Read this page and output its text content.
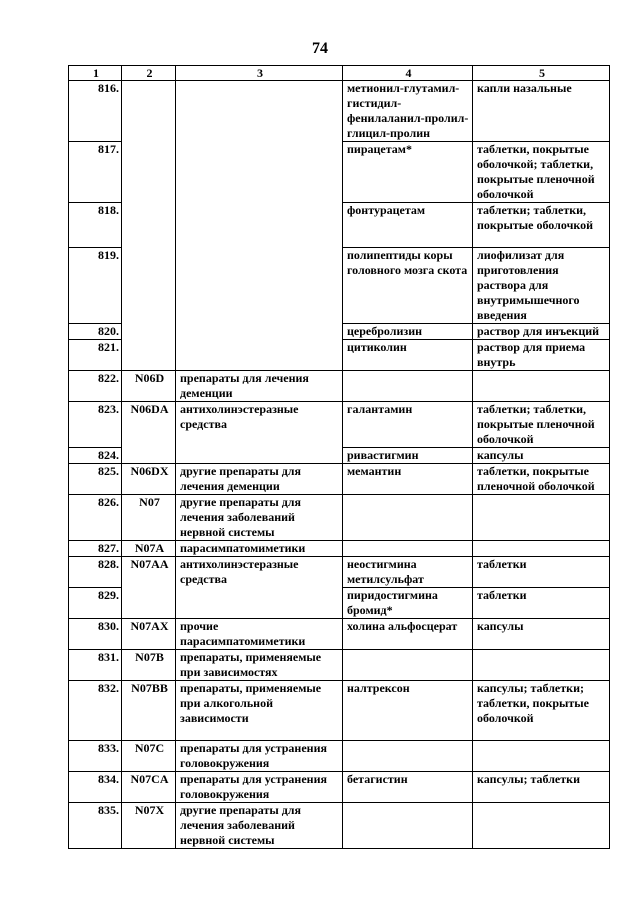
74
1	2	3	4	5
816.			метионил-глутамил-гистидил-фенилаланил-пролил-глицил-пролин	капли назальные
817.			пирацетам*	таблетки, покрытые оболочкой; таблетки, покрытые пленочной оболочкой
818.			фонтурацетам	таблетки; таблетки, покрытые оболочкой
819.			полипептиды коры головного мозга скота	лиофилизат для приготовления раствора для внутримышечного введения
820.			церебролизин	раствор для инъекций
821.			цитиколин	раствор для приема внутрь
822.	N06D	препараты для лечения деменции		
823.	N06DA	антихолинэстеразные средства	галантамин	таблетки; таблетки, покрытые пленочной оболочкой
824.			ривастигмин	капсулы
825.	N06DX	другие препараты для лечения деменции	мемантин	таблетки, покрытые пленочной оболочкой
826.	N07	другие препараты для лечения заболеваний нервной системы		
827.	N07A	парасимпатомиметики		
828.	N07AA	антихолинэстеразные средства	неостигмина метилсульфат	таблетки
829.			пиридостигмина бромид*	таблетки
830.	N07AX	прочие парасимпатомиметики	холина альфосцерат	капсулы
831.	N07B	препараты, применяемые при зависимостях		
832.	N07BB	препараты, применяемые при алкогольной зависимости	налтрексон	капсулы; таблетки; таблетки, покрытые оболочкой
833.	N07C	препараты для устранения головокружения		
834.	N07CA	препараты для устранения головокружения	бетагистин	капсулы; таблетки
835.	N07X	другие препараты для лечения заболеваний нервной системы		
